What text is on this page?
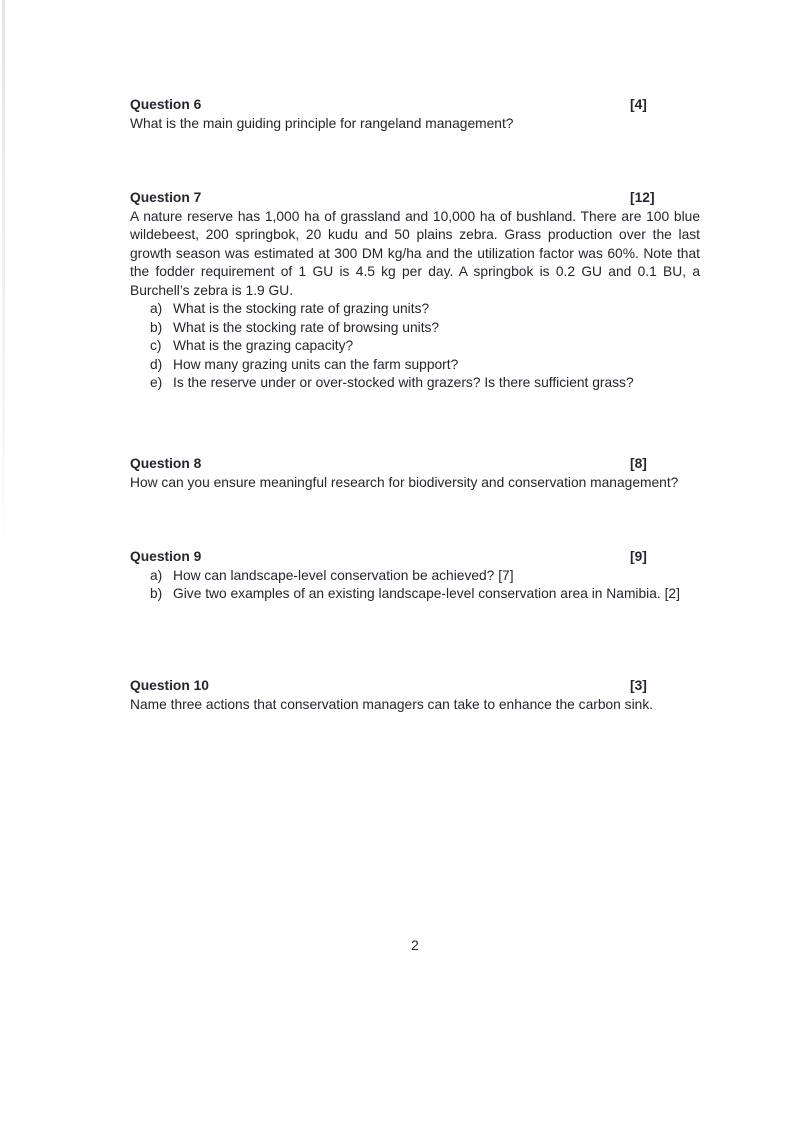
Question 6	[4]
What is the main guiding principle for rangeland management?
Question 7	[12]
A nature reserve has 1,000 ha of grassland and 10,000 ha of bushland. There are 100 blue wildebeest, 200 springbok, 20 kudu and 50 plains zebra. Grass production over the last growth season was estimated at 300 DM kg/ha and the utilization factor was 60%. Note that the fodder requirement of 1 GU is 4.5 kg per day. A springbok is 0.2 GU and 0.1 BU, a Burchell’s zebra is 1.9 GU.
a) What is the stocking rate of grazing units?
b) What is the stocking rate of browsing units?
c) What is the grazing capacity?
d) How many grazing units can the farm support?
e) Is the reserve under or over-stocked with grazers? Is there sufficient grass?
Question 8	[8]
How can you ensure meaningful research for biodiversity and conservation management?
Question 9	[9]
a) How can landscape-level conservation be achieved? [7]
b) Give two examples of an existing landscape-level conservation area in Namibia. [2]
Question 10	[3]
Name three actions that conservation managers can take to enhance the carbon sink.
2
